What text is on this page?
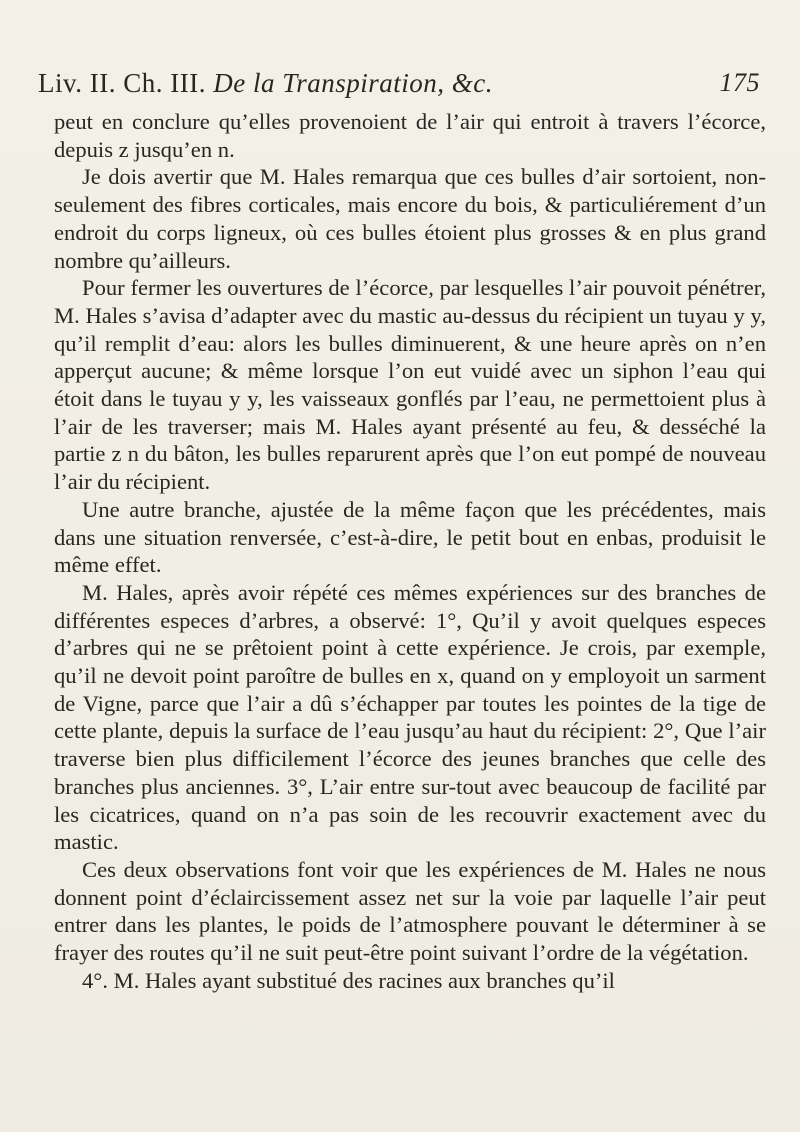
Liv. II. Ch. III. De la Transpiration, &c.	175

peut en conclure qu’elles provenoient de l’air qui entroit à travers l’écorce, depuis z jusqu’en n.

Je dois avertir que M. Hales remarqua que ces bulles d’air sortoient, non-seulement des fibres corticales, mais encore du bois, & particuliérement d’un endroit du corps ligneux, où ces bulles étoient plus grosses & en plus grand nombre qu’ailleurs.

Pour fermer les ouvertures de l’écorce, par lesquelles l’air pouvoit pénétrer, M. Hales s’avisa d’adapter avec du mastic au-dessus du récipient un tuyau y y, qu’il remplit d’eau: alors les bulles diminuerent, & une heure après on n’en apperçut aucune; & même lorsque l’on eut vuidé avec un siphon l’eau qui étoit dans le tuyau y y, les vaisseaux gonflés par l’eau, ne permettoient plus à l’air de les traverser; mais M. Hales ayant présenté au feu, & desséché la partie z n du bâton, les bulles reparurent après que l’on eut pompé de nouveau l’air du récipient.

Une autre branche, ajustée de la même façon que les précédentes, mais dans une situation renversée, c’est-à-dire, le petit bout en enbas, produisit le même effet.

M. Hales, après avoir répété ces mêmes expériences sur des branches de différentes especes d’arbres, a observé: 1°, Qu’il y avoit quelques especes d’arbres qui ne se prêtoient point à cette expérience. Je crois, par exemple, qu’il ne devoit point paroître de bulles en x, quand on y employoit un sarment de Vigne, parce que l’air a dû s’échapper par toutes les pointes de la tige de cette plante, depuis la surface de l’eau jusqu’au haut du récipient: 2°, Que l’air traverse bien plus difficilement l’écorce des jeunes branches que celle des branches plus anciennes. 3°, L’air entre sur-tout avec beaucoup de facilité par les cicatrices, quand on n’a pas soin de les recouvrir exactement avec du mastic.

Ces deux observations font voir que les expériences de M. Hales ne nous donnent point d’éclaircissement assez net sur la voie par laquelle l’air peut entrer dans les plantes, le poids de l’atmosphere pouvant le déterminer à se frayer des routes qu’il ne suit peut-être point suivant l’ordre de la végétation.

4°. M. Hales ayant substitué des racines aux branches qu’il
